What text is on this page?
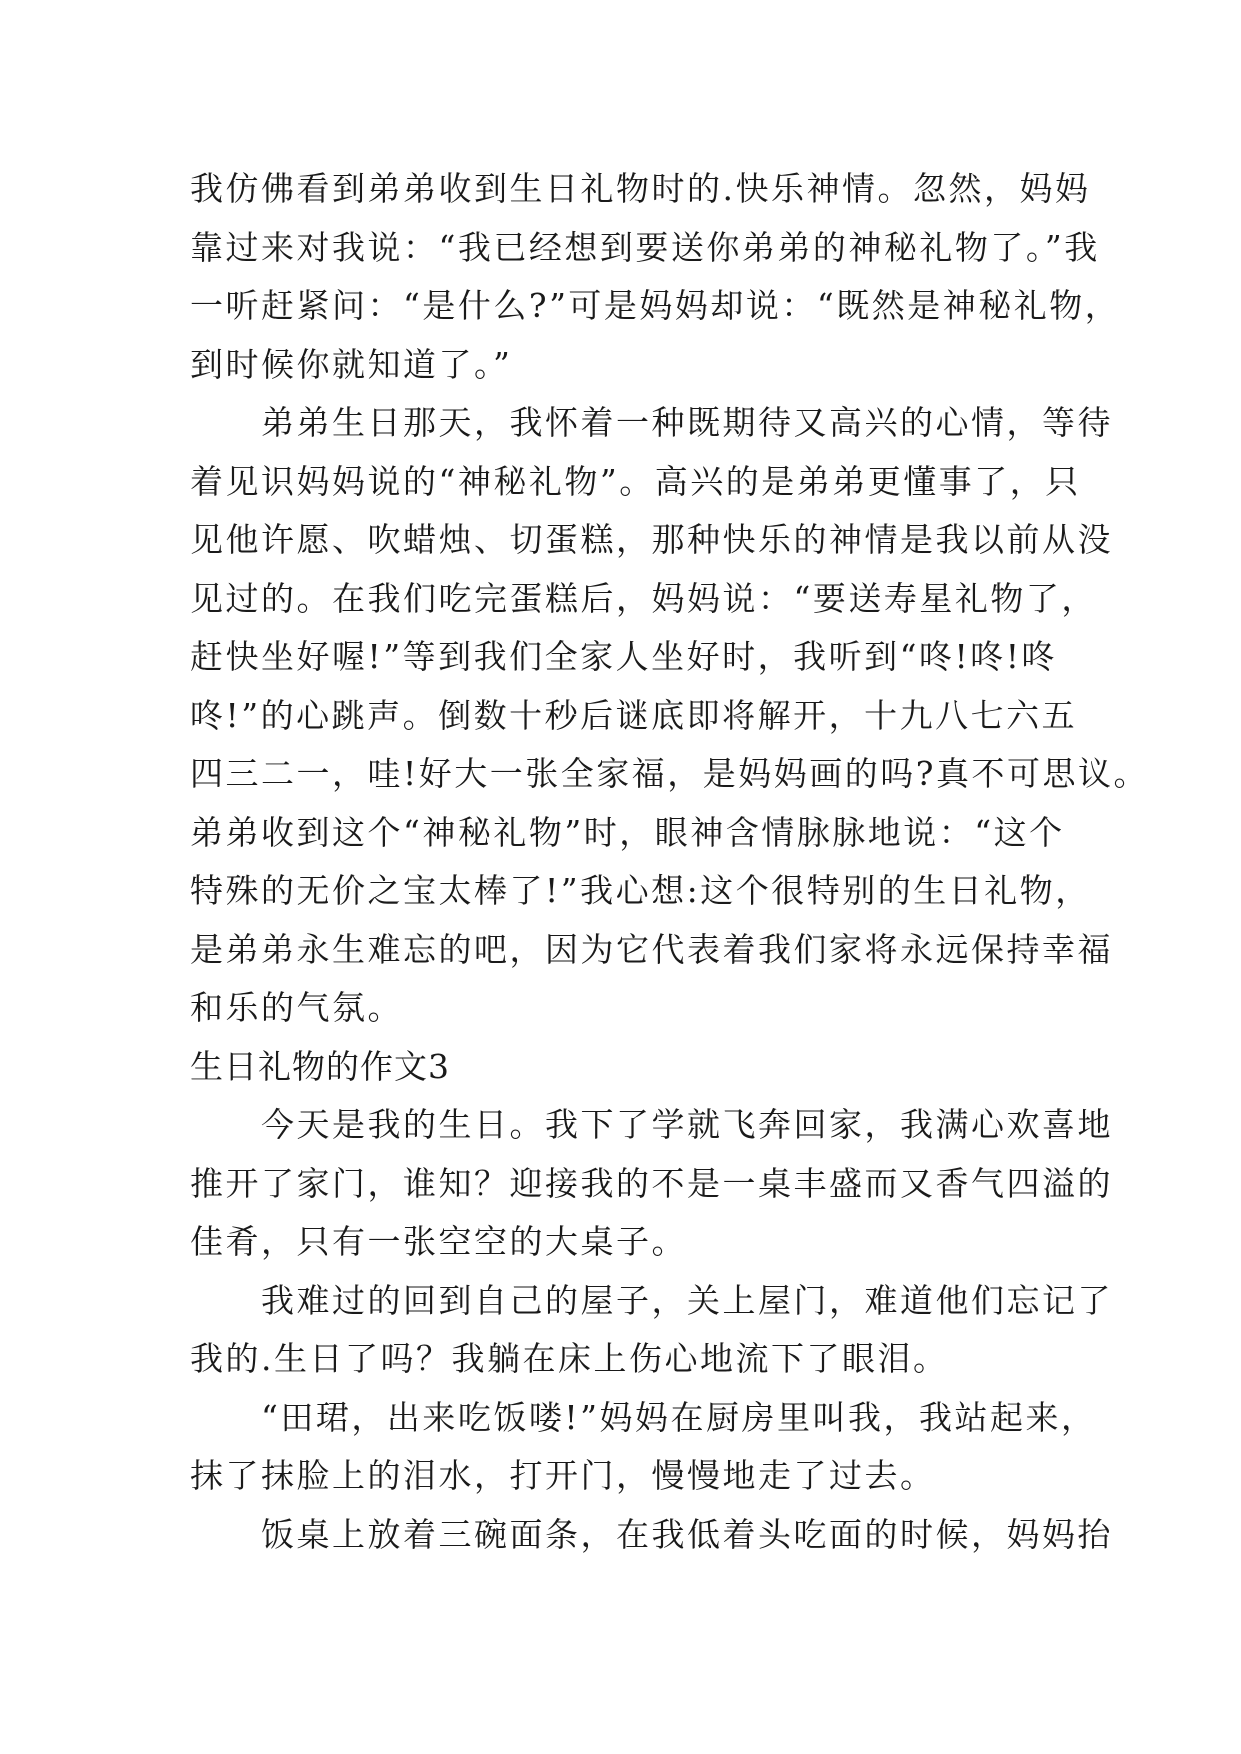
我仿佛看到弟弟收到生日礼物时的.快乐神情。忽然，妈妈
靠过来对我说：“我已经想到要送你弟弟的神秘礼物了。”我
一听赶紧问：“是什么?”可是妈妈却说：“既然是神秘礼物，
到时候你就知道了。”
　　弟弟生日那天，我怀着一种既期待又高兴的心情，等待
着见识妈妈说的“神秘礼物”。高兴的是弟弟更懂事了，只
见他许愿、吹蜡烛、切蛋糕，那种快乐的神情是我以前从没
见过的。在我们吃完蛋糕后，妈妈说：“要送寿星礼物了，
赶快坐好喔!”等到我们全家人坐好时，我听到“咚!咚!咚
咚!”的心跳声。倒数十秒后谜底即将解开，十九八七六五
四三二一，哇!好大一张全家福，是妈妈画的吗?真不可思议。
弟弟收到这个“神秘礼物”时，眼神含情脉脉地说：“这个
特殊的无价之宝太棒了!”我心想:这个很特别的生日礼物，
是弟弟永生难忘的吧，因为它代表着我们家将永远保持幸福
和乐的气氛。
生日礼物的作文3
　　今天是我的生日。我下了学就飞奔回家，我满心欢喜地
推开了家门，谁知？迎接我的不是一桌丰盛而又香气四溢的
佳肴，只有一张空空的大桌子。
　　我难过的回到自己的屋子，关上屋门，难道他们忘记了
我的.生日了吗？我躺在床上伤心地流下了眼泪。
　　“田珺，出来吃饭喽!”妈妈在厨房里叫我，我站起来，
抹了抹脸上的泪水，打开门，慢慢地走了过去。
　　饭桌上放着三碗面条，在我低着头吃面的时候，妈妈抬
